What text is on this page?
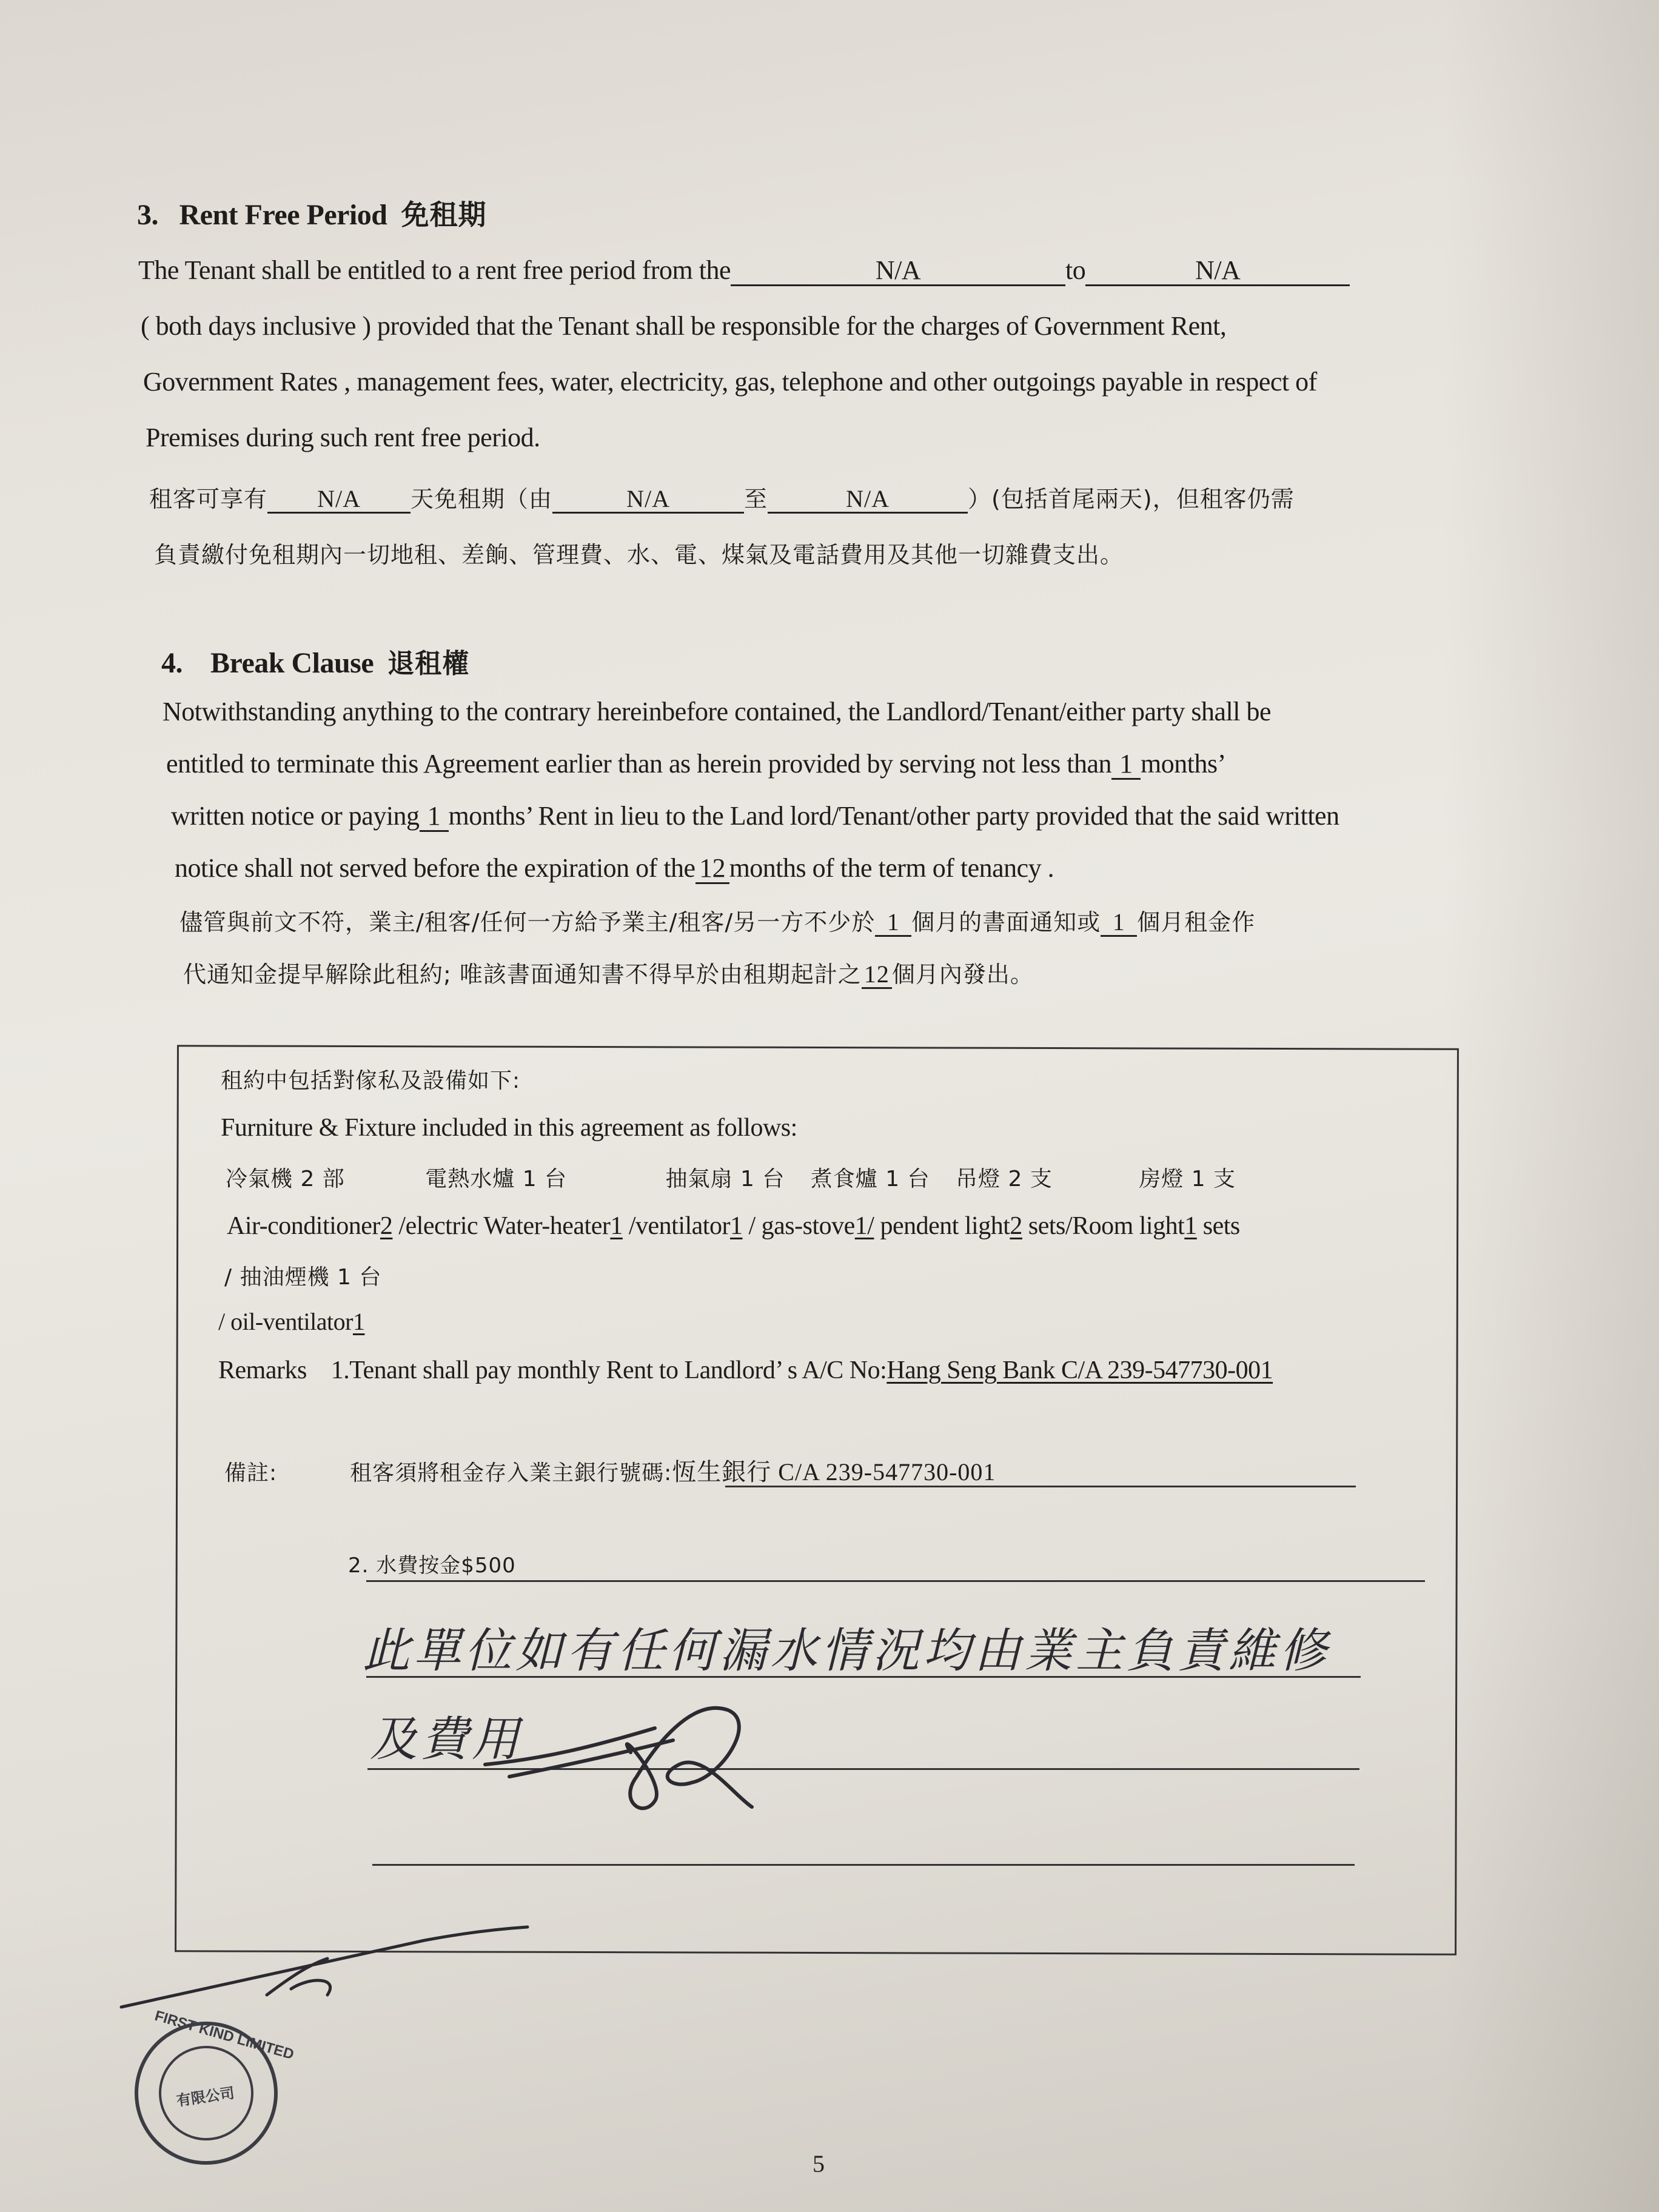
3. Rent Free Period 免租期
The Tenant shall be entitled to a rent free period from the	N/A	to	N/A
( both days inclusive ) provided that the Tenant shall be responsible for the charges of Government Rent,
Government Rates , management fees, water, electricity, gas, telephone and other outgoings payable in respect of
Premises during such rent free period.
租客可享有 N/A 天免租期（由	N/A	至	N/A	）(包括首尾兩天)，但租客仍需
負責繳付免租期內一切地租、差餉、管理費、水、電、煤氣及電話費用及其他一切雜費支出。
4. Break Clause 退租權
Notwithstanding anything to the contrary hereinbefore contained, the Landlord/Tenant/either party shall be
entitled to terminate this Agreement earlier than as herein provided by serving not less than 1 months’
written notice or paying 1 months’ Rent in lieu to the Land lord/Tenant/other party provided that the said written
notice shall not served before the expiration of the 12 months of the term of tenancy .
儘管與前文不符，業主/租客/任何一方給予業主/租客/另一方不少於 1 個月的書面通知或 1 個月租金作
代通知金提早解除此租約; 唯該書面通知書不得早於由租期起計之 12 個月內發出。
租約中包括對傢私及設備如下:
Furniture & Fixture included in this agreement as follows:
冷氣機 2 部	電熱水爐 1 台	抽氣扇 1 台 煮食爐 1 台 吊燈 2 支	房燈 1 支
Air-conditioner2 /electric Water-heater1 /ventilator1 / gas-stove1/ pendent light2 sets/Room light1 sets
/ 抽油煙機 1 台
/ oil-ventilator1
Remarks 1.Tenant shall pay monthly Rent to Landlord’ s A/C No:Hang Seng Bank C/A 239-547730-001
備註:	租客須將租金存入業主銀行號碼:恆生銀行 C/A 239-547730-001
2. 水費按金$500
此單位如有任何漏水情況均由業主負責維修
及費用
FIRST KIND LIMITED
有限公司
5
